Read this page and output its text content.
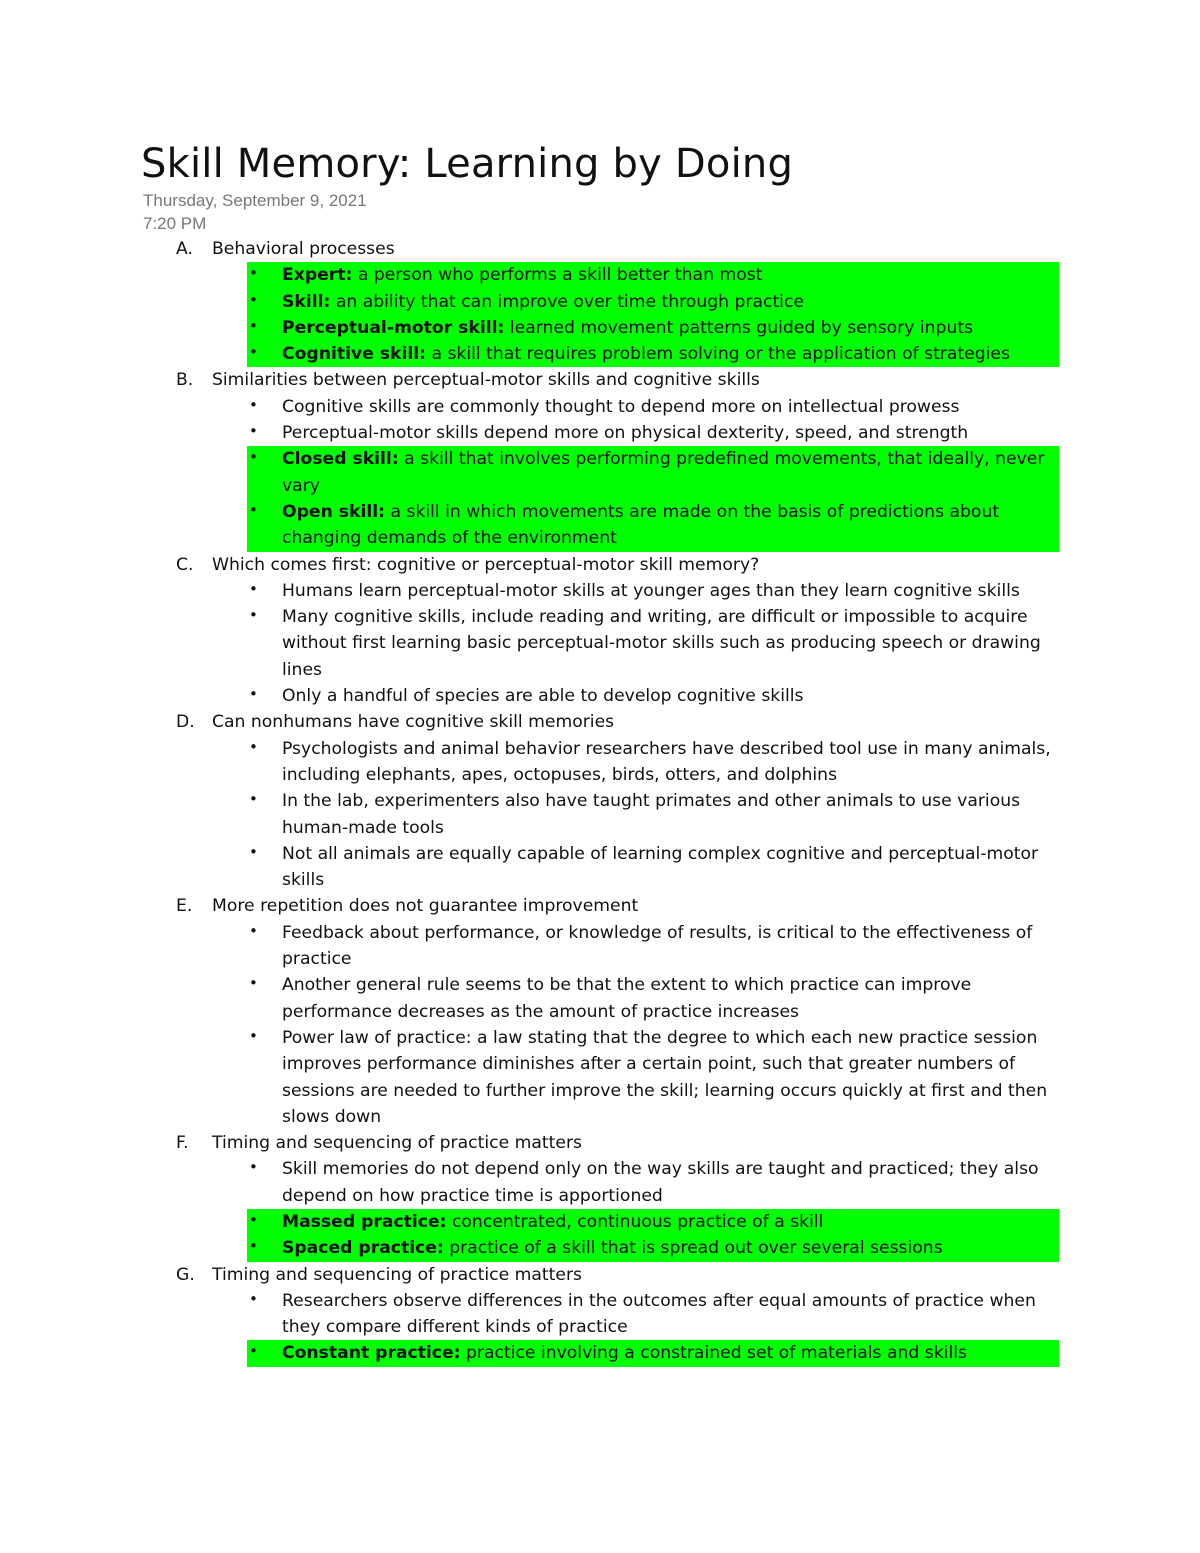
Skill Memory: Learning by Doing
Thursday, September 9, 2021
7:20 PM
A. Behavioral processes
• Expert: a person who performs a skill better than most
• Skill: an ability that can improve over time through practice
• Perceptual-motor skill: learned movement patterns guided by sensory inputs
• Cognitive skill: a skill that requires problem solving or the application of strategies
B. Similarities between perceptual-motor skills and cognitive skills
• Cognitive skills are commonly thought to depend more on intellectual prowess
• Perceptual-motor skills depend more on physical dexterity, speed, and strength
• Closed skill: a skill that involves performing predefined movements, that ideally, never vary
• Open skill: a skill in which movements are made on the basis of predictions about changing demands of the environment
C. Which comes first: cognitive or perceptual-motor skill memory?
• Humans learn perceptual-motor skills at younger ages than they learn cognitive skills
• Many cognitive skills, include reading and writing, are difficult or impossible to acquire without first learning basic perceptual-motor skills such as producing speech or drawing lines
• Only a handful of species are able to develop cognitive skills
D. Can nonhumans have cognitive skill memories
• Psychologists and animal behavior researchers have described tool use in many animals, including elephants, apes, octopuses, birds, otters, and dolphins
• In the lab, experimenters also have taught primates and other animals to use various human-made tools
• Not all animals are equally capable of learning complex cognitive and perceptual-motor skills
E. More repetition does not guarantee improvement
• Feedback about performance, or knowledge of results, is critical to the effectiveness of practice
• Another general rule seems to be that the extent to which practice can improve performance decreases as the amount of practice increases
• Power law of practice: a law stating that the degree to which each new practice session improves performance diminishes after a certain point, such that greater numbers of sessions are needed to further improve the skill; learning occurs quickly at first and then slows down
F. Timing and sequencing of practice matters
• Skill memories do not depend only on the way skills are taught and practiced; they also depend on how practice time is apportioned
• Massed practice: concentrated, continuous practice of a skill
• Spaced practice: practice of a skill that is spread out over several sessions
G. Timing and sequencing of practice matters
• Researchers observe differences in the outcomes after equal amounts of practice when they compare different kinds of practice
• Constant practice: practice involving a constrained set of materials and skills
